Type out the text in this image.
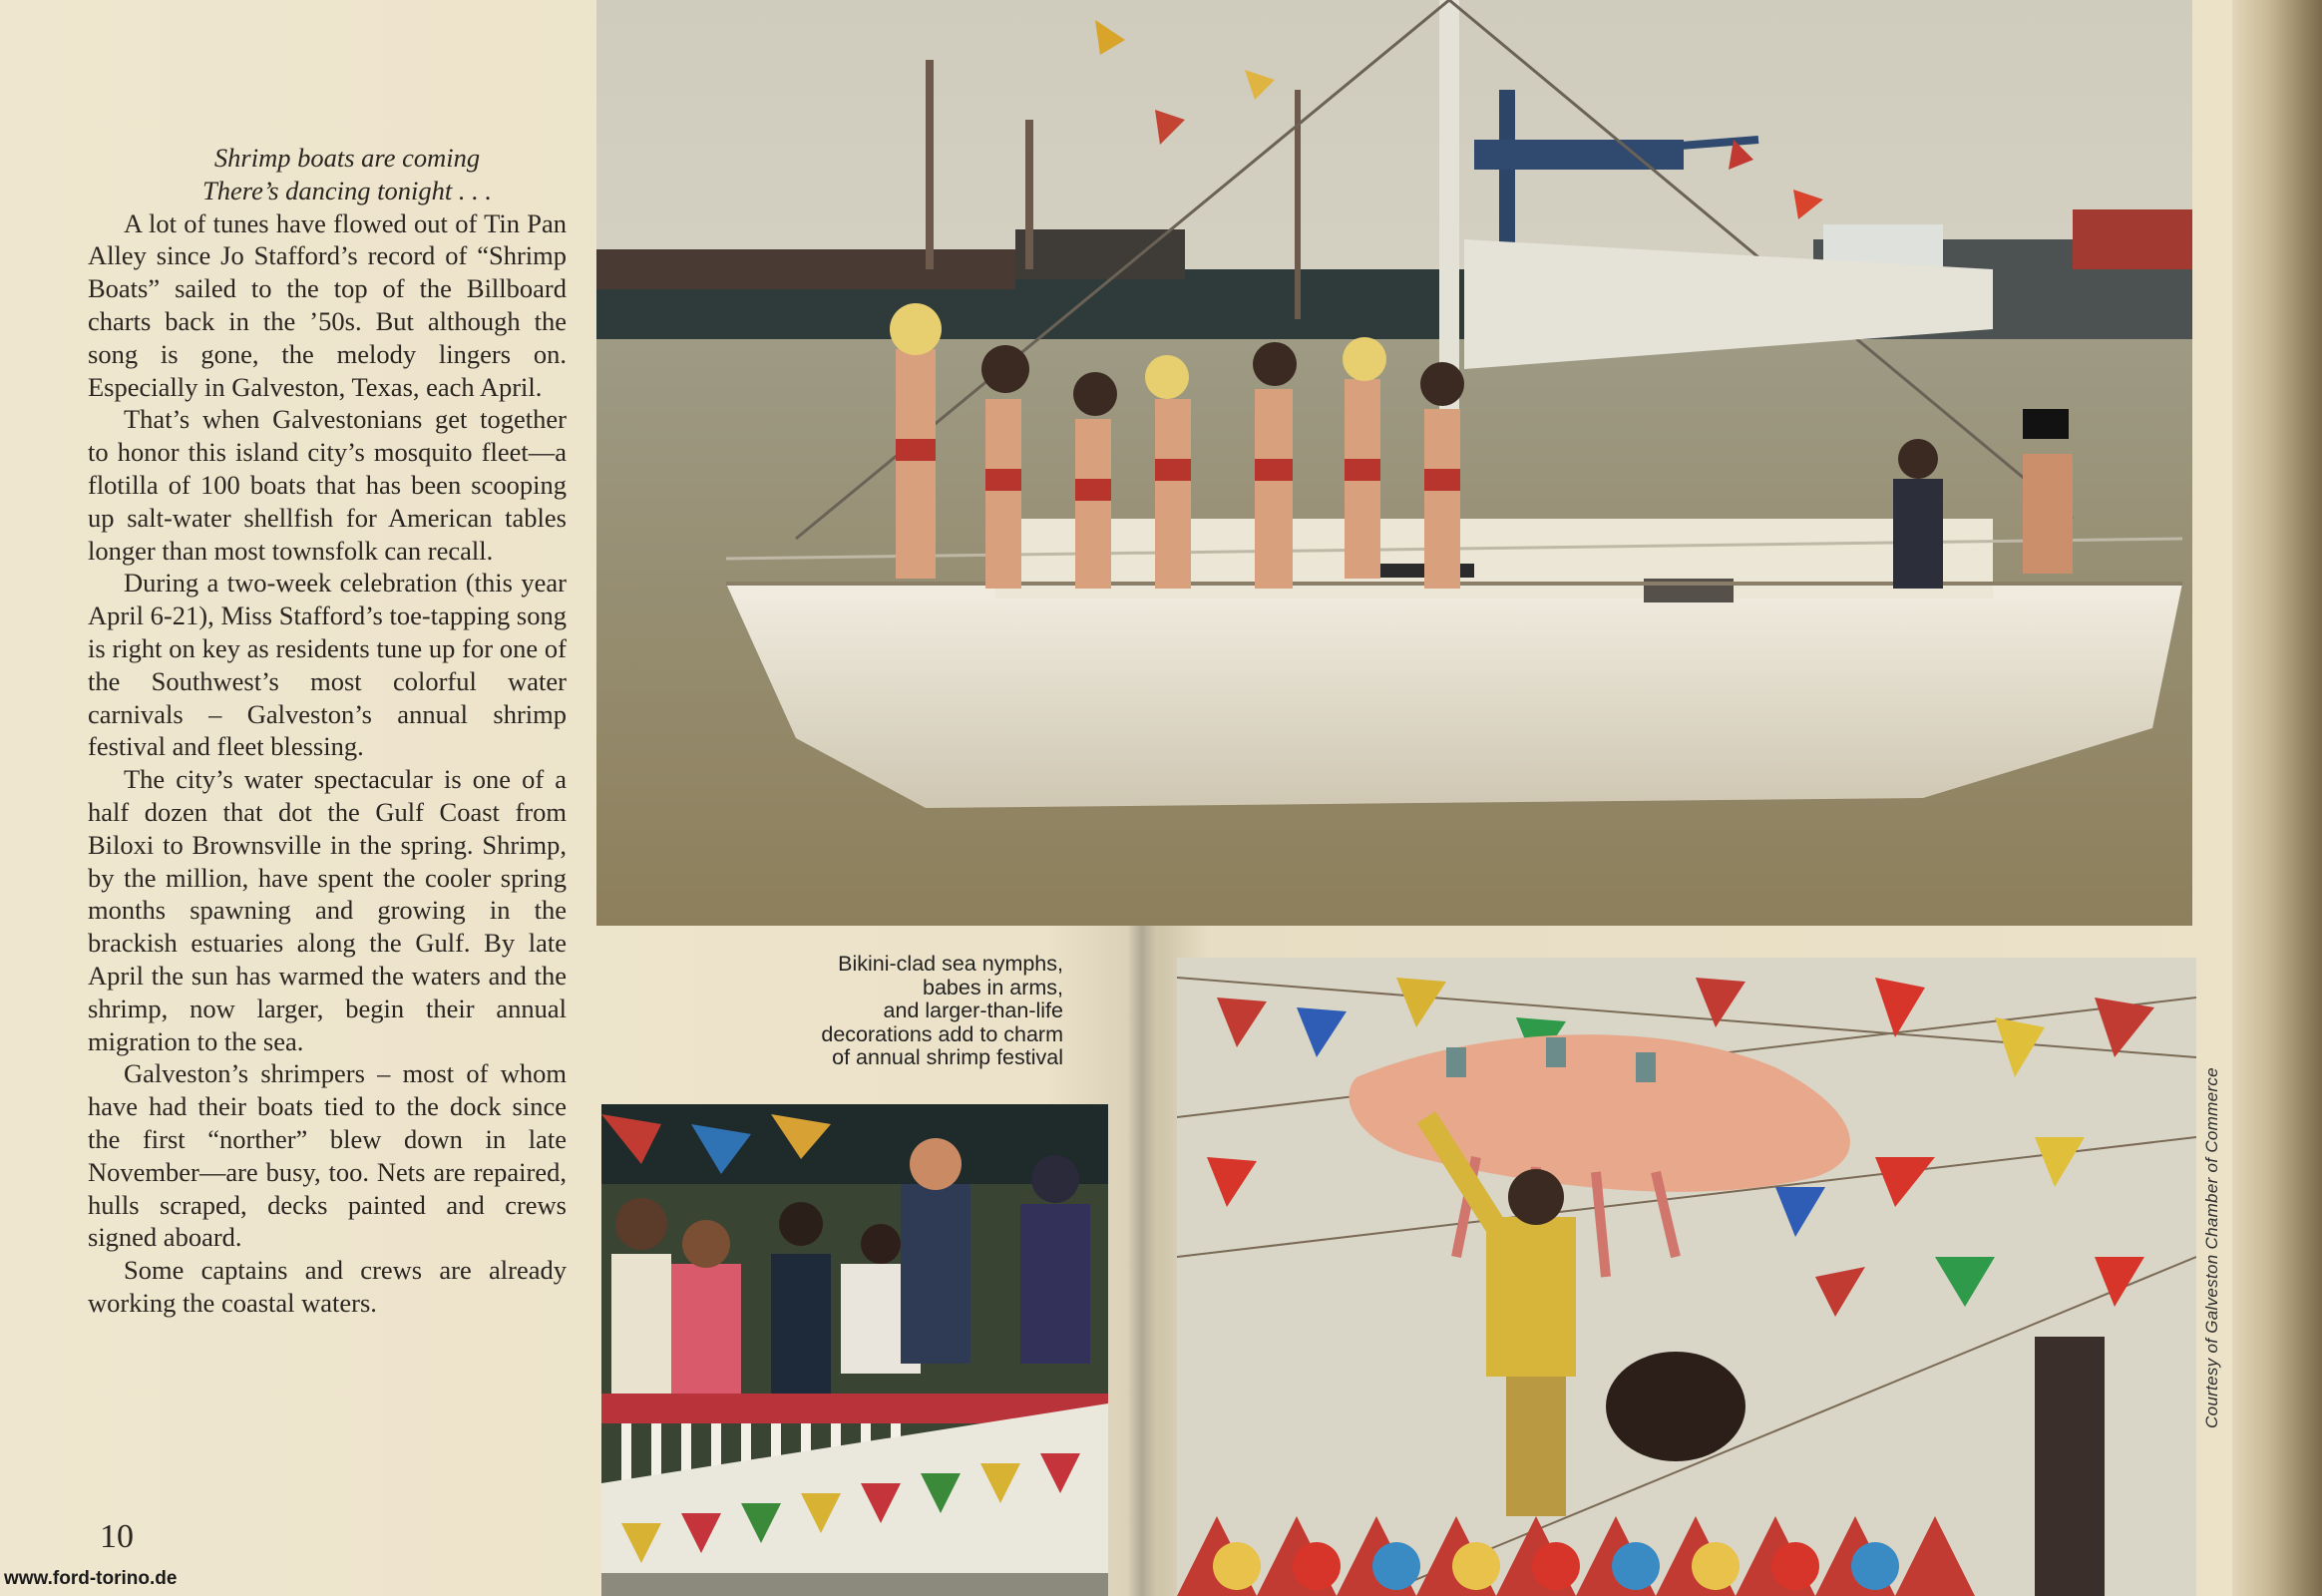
Shrimp boats are coming

There’s dancing tonight . . .

A lot of tunes have flowed out of Tin Pan Alley since Jo Stafford’s record of “Shrimp Boats” sailed to the top of the Billboard charts back in the ’50s. But although the song is gone, the melody lingers on. Especially in Galveston, Texas, each April.

That’s when Galvestonians get together to honor this island city’s mosquito fleet—a flotilla of 100 boats that has been scooping up salt-water shellfish for American tables longer than most townsfolk can recall.

During a two-week celebration (this year April 6-21), Miss Stafford’s toe-tapping song is right on key as residents tune up for one of the Southwest’s most colorful water carnivals – Galveston’s annual shrimp festival and fleet blessing.

The city’s water spectacular is one of a half dozen that dot the Gulf Coast from Biloxi to Brownsville in the spring. Shrimp, by the million, have spent the cooler spring months spawning and growing in the brackish estuaries along the Gulf. By late April the sun has warmed the waters and the shrimp, now larger, begin their annual migration to the sea.

Galveston’s shrimpers – most of whom have had their boats tied to the dock since the first “norther” blew down in late November—are busy, too. Nets are repaired, hulls scraped, decks painted and crews signed aboard.

Some captains and crews are already working the coastal waters.

10
Bikini-clad sea nymphs,
babes in arms,
and larger-than-life
decorations add to charm
of annual shrimp festival
Courtesy of Galveston Chamber of Commerce
www.ford-torino.de
